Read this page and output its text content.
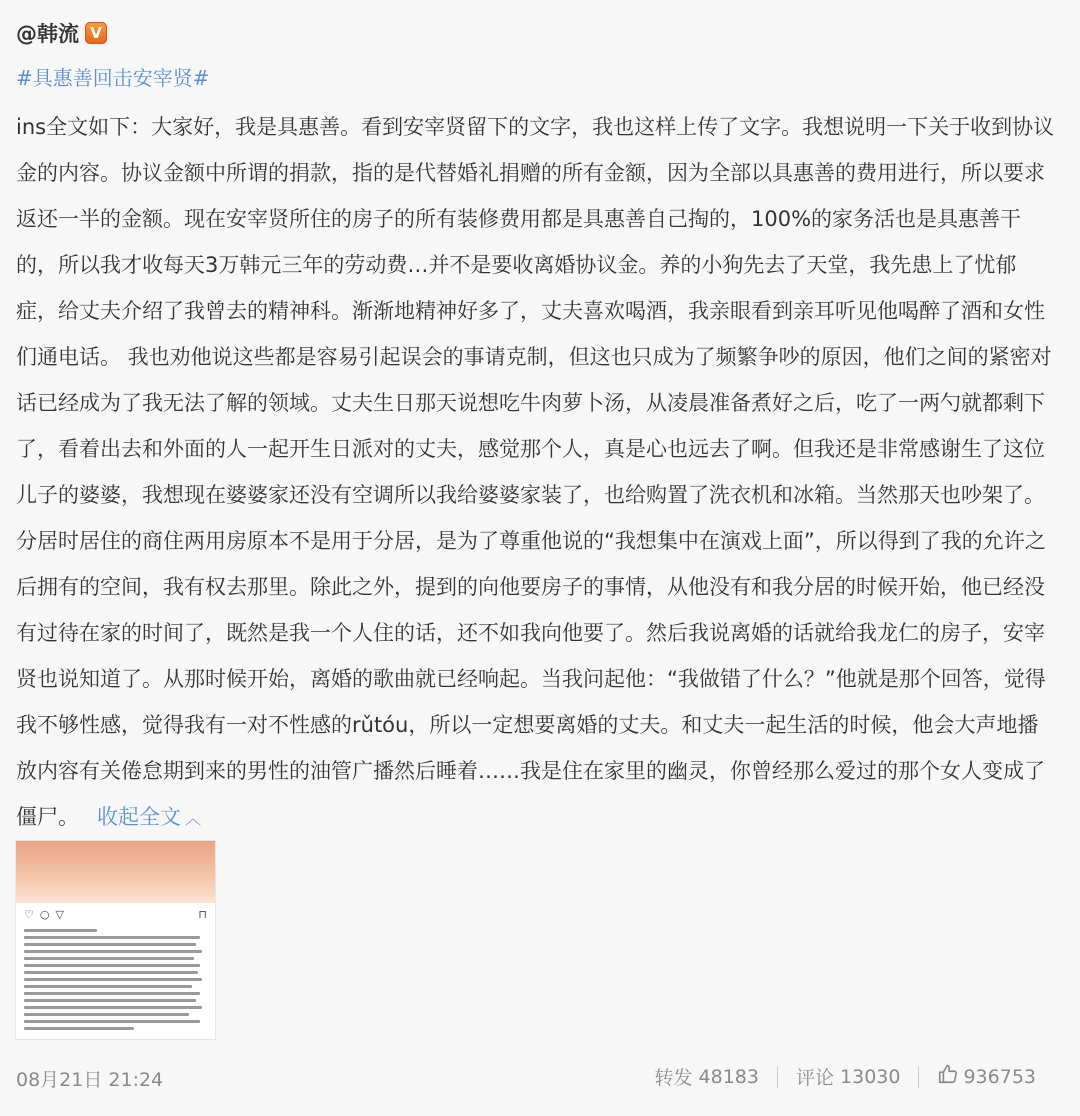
@韩流 V
#具惠善回击安宰贤#

ins全文如下：大家好，我是具惠善。看到安宰贤留下的文字，我也这样上传了文字。我想说明一下关于收到协议金的内容。协议金额中所谓的捐款，指的是代替婚礼捐赠的所有金额，因为全部以具惠善的费用进行，所以要求返还一半的金额。现在安宰贤所住的房子的所有装修费用都是具惠善自己掏的，100%的家务活也是具惠善干的，所以我才收每天3万韩元三年的劳动费…并不是要收离婚协议金。养的小狗先去了天堂，我先患上了忧郁症，给丈夫介绍了我曾去的精神科。渐渐地精神好多了，丈夫喜欢喝酒，我亲眼看到亲耳听见他喝醉了酒和女性们通电话。 我也劝他说这些都是容易引起误会的事请克制，但这也只成为了频繁争吵的原因，他们之间的紧密对话已经成为了我无法了解的领域。丈夫生日那天说想吃牛肉萝卜汤，从凌晨准备煮好之后，吃了一两勺就都剩下了，看着出去和外面的人一起开生日派对的丈夫，感觉那个人，真是心也远去了啊。但我还是非常感谢生了这位儿子的婆婆，我想现在婆婆家还没有空调所以我给婆婆家装了，也给购置了洗衣机和冰箱。当然那天也吵架了。分居时居住的商住两用房原本不是用于分居，是为了尊重他说的“我想集中在演戏上面”，所以得到了我的允许之后拥有的空间，我有权去那里。除此之外，提到的向他要房子的事情，从他没有和我分居的时候开始，他已经没有过待在家的时间了，既然是我一个人住的话，还不如我向他要了。然后我说离婚的话就给我龙仁的房子，安宰贤也说知道了。从那时候开始，离婚的歌曲就已经响起。当我问起他：“我做错了什么？”他就是那个回答，觉得我不够性感，觉得我有一对不性感的rǔtóu，所以一定想要离婚的丈夫。和丈夫一起生活的时候，他会大声地播放内容有关倦怠期到来的男性的油管广播然后睡着……我是住在家里的幽灵，你曾经那么爱过的那个女人变成了僵尸。 收起全文 ︿

♡ ○ ▽	⊓
08月21日 21:24	转发 48183 评论 13030	936753
